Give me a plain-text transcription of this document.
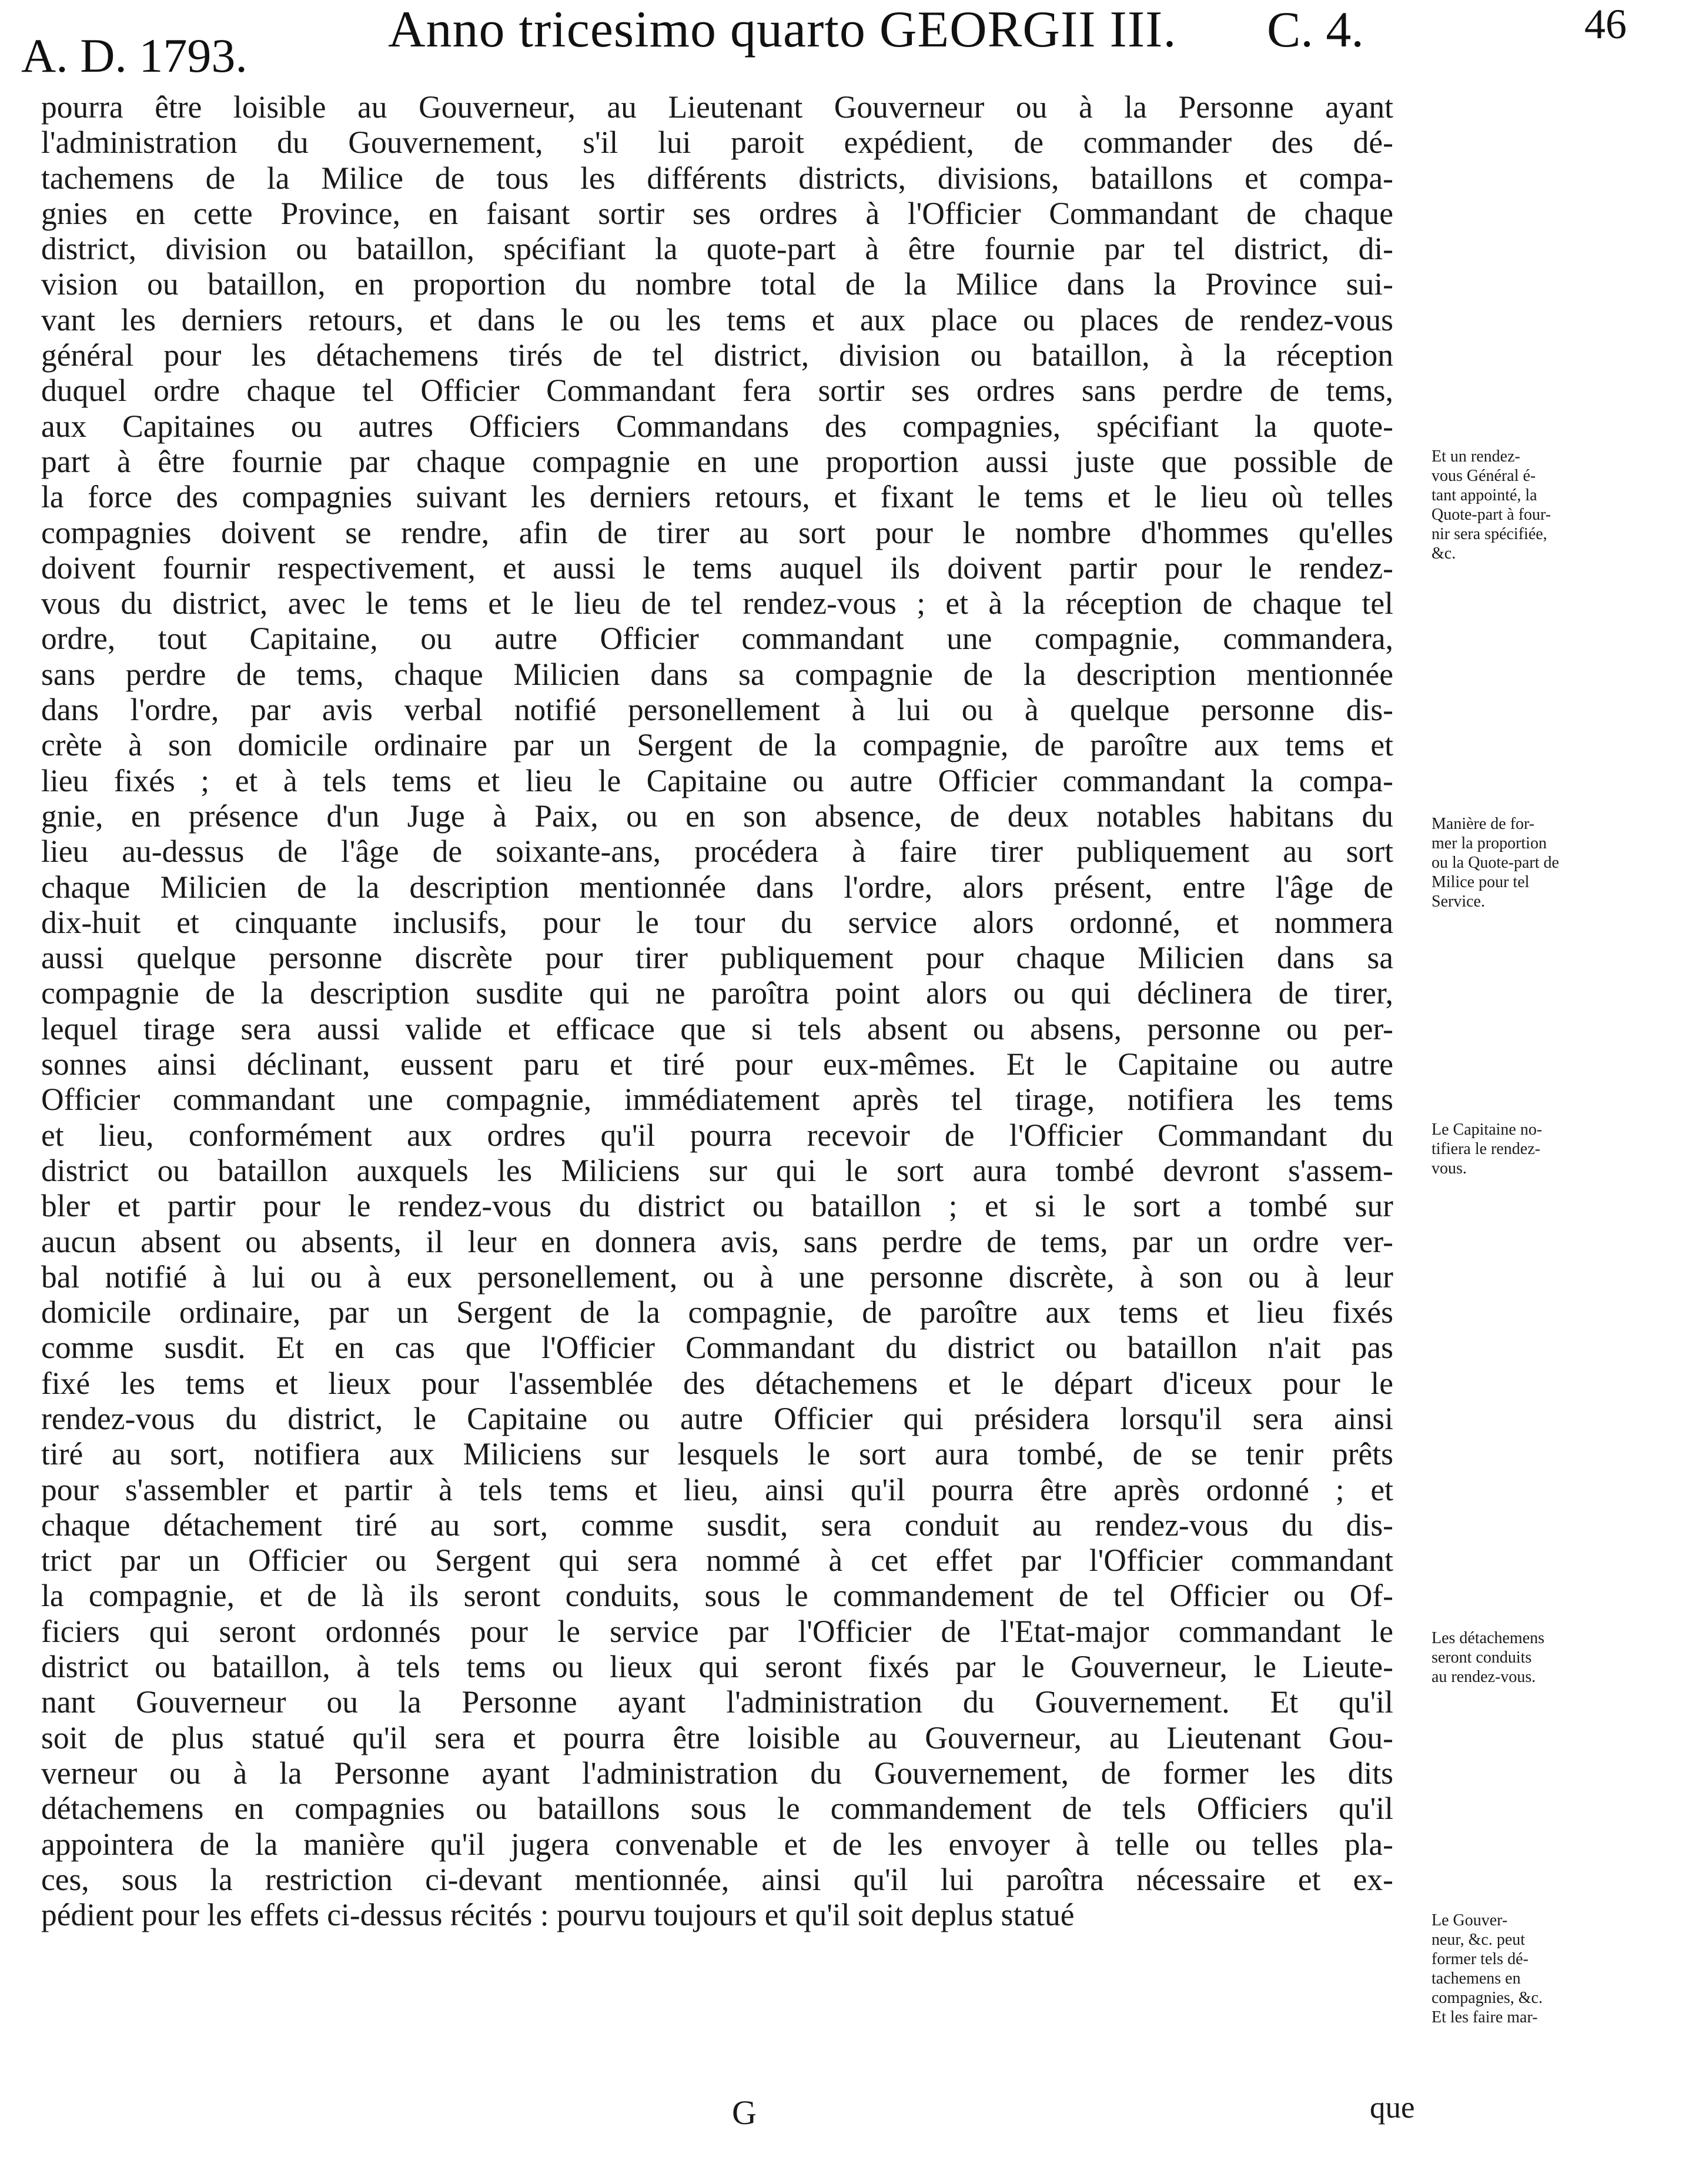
A. D. 1793.	Anno tricesimo quarto GEORGII III. C. 4.	46
pourra être loisible au Gouverneur, au Lieutenant Gouverneur ou à la Personne ayant
l'administration du Gouvernement, s'il lui paroit expédient, de commander des dé-
tachemens de la Milice de tous les différents districts, divisions, bataillons et compa-
gnies en cette Province, en faisant sortir ses ordres à l'Officier Commandant de chaque
district, division ou bataillon, spécifiant la quote-part à être fournie par tel district, di-
vision ou bataillon, en proportion du nombre total de la Milice dans la Province sui-
vant les derniers retours, et dans le ou les tems et aux place ou places de rendez-vous
général pour les détachemens tirés de tel district, division ou bataillon, à la réception
duquel ordre chaque tel Officier Commandant fera sortir ses ordres sans perdre de tems,
aux Capitaines ou autres Officiers Commandans des compagnies, spécifiant la quote-
part à être fournie par chaque compagnie en une proportion aussi juste que possible de
la force des compagnies suivant les derniers retours, et fixant le tems et le lieu où telles
compagnies doivent se rendre, afin de tirer au sort pour le nombre d'hommes qu'elles
doivent fournir respectivement, et aussi le tems auquel ils doivent partir pour le rendez-
vous du district, avec le tems et le lieu de tel rendez-vous ; et à la réception de chaque tel
ordre, tout Capitaine, ou autre Officier commandant une compagnie, commandera,
sans perdre de tems, chaque Milicien dans sa compagnie de la description mentionnée
dans l'ordre, par avis verbal notifié personellement à lui ou à quelque personne dis-
crète à son domicile ordinaire par un Sergent de la compagnie, de paroître aux tems et
lieu fixés ; et à tels tems et lieu le Capitaine ou autre Officier commandant la compa-
gnie, en présence d'un Juge à Paix, ou en son absence, de deux notables habitans du
lieu au-dessus de l'âge de soixante-ans, procédera à faire tirer publiquement au sort
chaque Milicien de la description mentionnée dans l'ordre, alors présent, entre l'âge de
dix-huit et cinquante inclusifs, pour le tour du service alors ordonné, et nommera
aussi quelque personne discrète pour tirer publiquement pour chaque Milicien dans sa
compagnie de la description susdite qui ne paroîtra point alors ou qui déclinera de tirer,
lequel tirage sera aussi valide et efficace que si tels absent ou absens, personne ou per-
sonnes ainsi déclinant, eussent paru et tiré pour eux-mêmes. Et le Capitaine ou autre
Officier commandant une compagnie, immédiatement après tel tirage, notifiera les tems
et lieu, conformément aux ordres qu'il pourra recevoir de l'Officier Commandant du
district ou bataillon auxquels les Miliciens sur qui le sort aura tombé devront s'assem-
bler et partir pour le rendez-vous du district ou bataillon ; et si le sort a tombé sur
aucun absent ou absents, il leur en donnera avis, sans perdre de tems, par un ordre ver-
bal notifié à lui ou à eux personellement, ou à une personne discrète, à son ou à leur
domicile ordinaire, par un Sergent de la compagnie, de paroître aux tems et lieu fixés
comme susdit. Et en cas que l'Officier Commandant du district ou bataillon n'ait pas
fixé les tems et lieux pour l'assemblée des détachemens et le départ d'iceux pour le
rendez-vous du district, le Capitaine ou autre Officier qui présidera lorsqu'il sera ainsi
tiré au sort, notifiera aux Miliciens sur lesquels le sort aura tombé, de se tenir prêts
pour s'assembler et partir à tels tems et lieu, ainsi qu'il pourra être après ordonné ; et
chaque détachement tiré au sort, comme susdit, sera conduit au rendez-vous du dis-
trict par un Officier ou Sergent qui sera nommé à cet effet par l'Officier commandant
la compagnie, et de là ils seront conduits, sous le commandement de tel Officier ou Of-
ficiers qui seront ordonnés pour le service par l'Officier de l'Etat-major commandant le
district ou bataillon, à tels tems ou lieux qui seront fixés par le Gouverneur, le Lieute-
nant Gouverneur ou la Personne ayant l'administration du Gouvernement. Et qu'il
soit de plus statué qu'il sera et pourra être loisible au Gouverneur, au Lieutenant Gou-
verneur ou à la Personne ayant l'administration du Gouvernement, de former les dits
détachemens en compagnies ou bataillons sous le commandement de tels Officiers qu'il
appointera de la manière qu'il jugera convenable et de les envoyer à telle ou telles pla-
ces, sous la restriction ci-devant mentionnée, ainsi qu'il lui paroîtra nécessaire et ex-
pédient pour les effets ci-dessus récités : pourvu toujours et qu'il soit deplus statué
Et un rendez-
vous Général é-
tant appointé, la
Quote-part à four-
nir sera spécifiée,
&c.
Manière de for-
mer la proportion
ou la Quote-part de
Milice pour tel
Service.
Le Capitaine no-
tifiera le rendez-
vous.
Les détachemens
seront conduits
au rendez-vous.
Le Gouver-
neur, &c. peut
former tels dé-
tachemens en
compagnies, &c.
Et les faire mar-
G	que
